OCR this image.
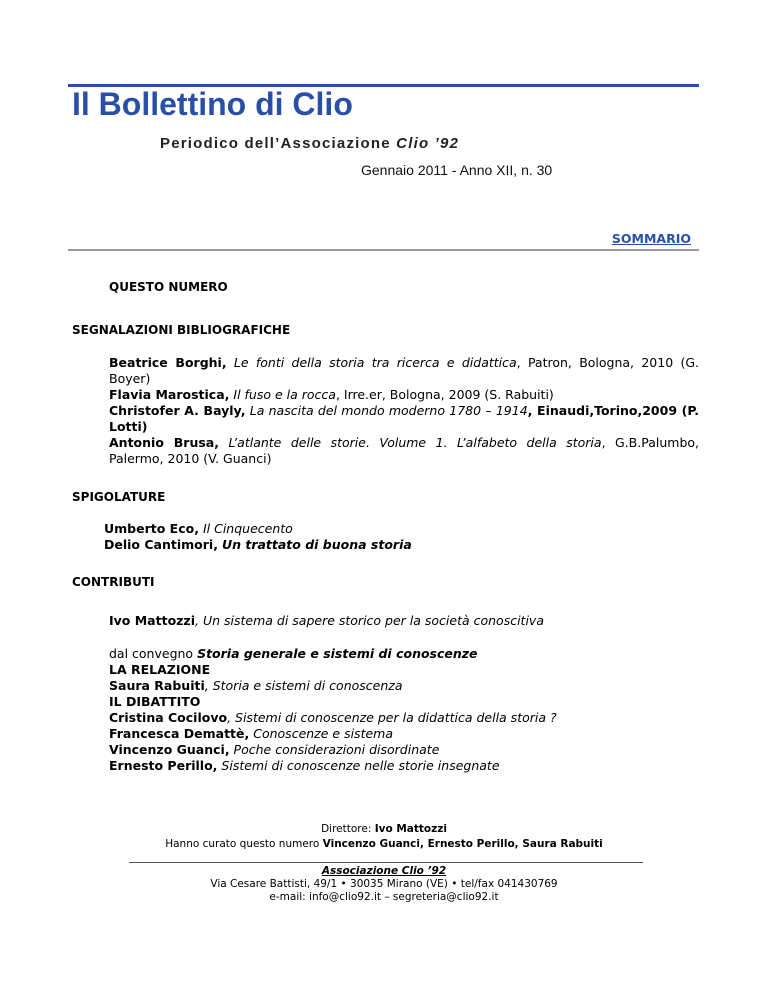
Il Bollettino di Clio
Periodico dell’Associazione Clio ’92
Gennaio 2011 - Anno XII, n. 30
SOMMARIO
QUESTO NUMERO
SEGNALAZIONI BIBLIOGRAFICHE
Beatrice Borghi, Le fonti della storia tra ricerca e didattica, Patron, Bologna, 2010 (G. Boyer)
Flavia Marostica, Il fuso e la rocca, Irre.er, Bologna, 2009 (S. Rabuiti)
Christofer A. Bayly, La nascita del mondo moderno 1780 – 1914, Einaudi,Torino,2009 (P. Lotti)
Antonio Brusa, L’atlante delle storie. Volume 1. L’alfabeto della storia, G.B.Palumbo, Palermo, 2010 (V. Guanci)
SPIGOLATURE
Umberto Eco, Il Cinquecento
Delio Cantimori, Un trattato di buona storia
CONTRIBUTI
Ivo Mattozzi, Un sistema di sapere storico per la società conoscitiva
dal convegno Storia generale e sistemi di conoscenze
LA RELAZIONE
Saura Rabuiti, Storia e sistemi di conoscenza
IL DIBATTITO
Cristina Cocilovo, Sistemi di conoscenze per la didattica della storia ?
Francesca Demattè, Conoscenze e sistema
Vincenzo Guanci, Poche considerazioni disordinate
Ernesto Perillo, Sistemi di conoscenze nelle storie insegnate
Direttore: Ivo Mattozzi
Hanno curato questo numero Vincenzo Guanci, Ernesto Perillo, Saura Rabuiti
Associazione Clio ’92
Via Cesare Battisti, 49/1 • 30035 Mirano (VE) • tel/fax 041430769
e-mail: info@clio92.it – segreteria@clio92.it
